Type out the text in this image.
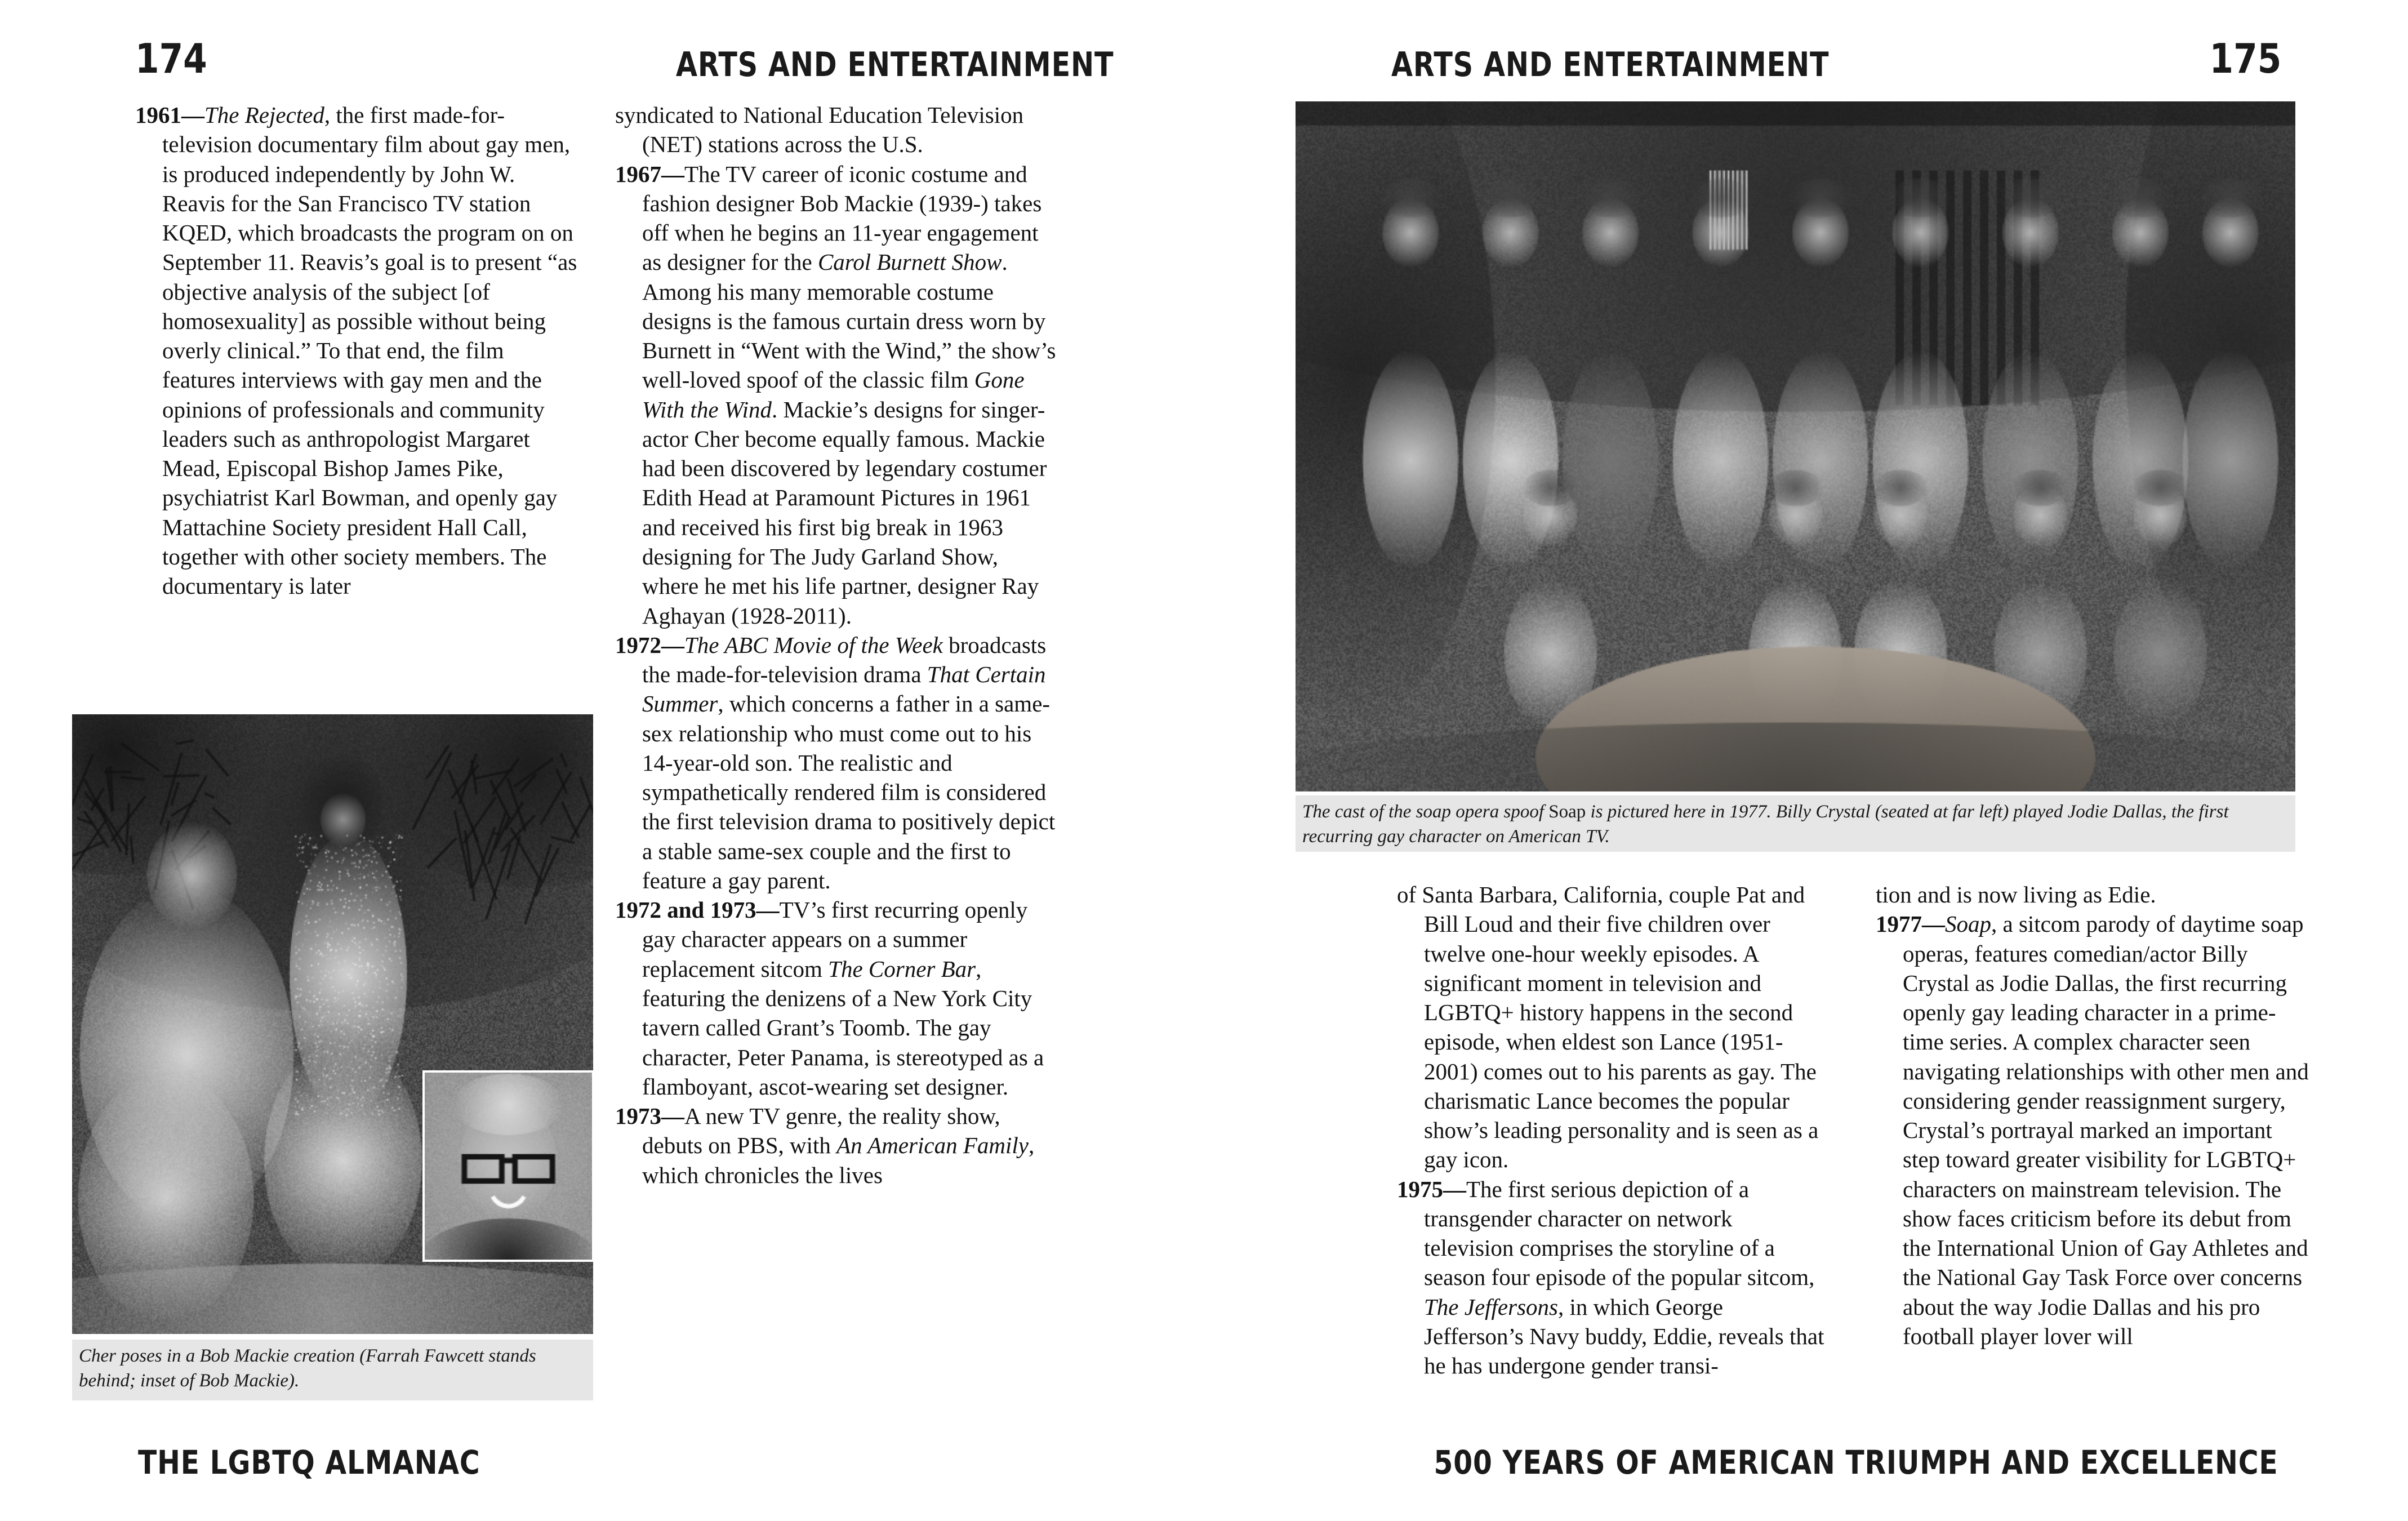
174	ARTS AND ENTERTAINMENT

1961—The Rejected, the first made-for-television documentary film about gay men, is produced independently by John W. Reavis for the San Francisco TV station KQED, which broadcasts the program on on September 11. Reavis’s goal is to present “as objective analysis of the subject [of homosexuality] as possible without being overly clinical.” To that end, the film features interviews with gay men and the opinions of professionals and community leaders such as anthropologist Margaret Mead, Episcopal Bishop James Pike, psychiatrist Karl Bowman, and openly gay Mattachine Society president Hall Call, together with other society members. The documentary is later

syndicated to National Education Television (NET) stations across the U.S.

1967—The TV career of iconic costume and fashion designer Bob Mackie (1939-) takes off when he begins an 11-year engagement as designer for the Carol Burnett Show. Among his many memorable costume designs is the famous curtain dress worn by Burnett in “Went with the Wind,” the show’s well-loved spoof of the classic film Gone With the Wind. Mackie’s designs for singer-actor Cher become equally famous. Mackie had been discovered by legendary costumer Edith Head at Paramount Pictures in 1961 and received his first big break in 1963 designing for The Judy Garland Show, where he met his life partner, designer Ray Aghayan (1928-2011).

1972—The ABC Movie of the Week broadcasts the made-for-television drama That Certain Summer, which concerns a father in a same-sex relationship who must come out to his 14-year-old son. The realistic and sympathetically rendered film is considered the first television drama to positively depict a stable same-sex couple and the first to feature a gay parent.

1972 and 1973—TV’s first recurring openly gay character appears on a summer replacement sitcom The Corner Bar, featuring the denizens of a New York City tavern called Grant’s Toomb. The gay character, Peter Panama, is stereotyped as a flamboyant, ascot-wearing set designer.

1973—A new TV genre, the reality show, debuts on PBS, with An American Family, which chronicles the lives

Cher poses in a Bob Mackie creation (Farrah Fawcett stands behind; inset of Bob Mackie).
THE LGBTQ ALMANAC
175
ARTS AND ENTERTAINMENT
The cast of the soap opera spoof Soap is pictured here in 1977. Billy Crystal (seated at far left) played Jodie Dallas, the first recurring gay character on American TV.

of Santa Barbara, California, couple Pat and Bill Loud and their five children over twelve one-hour weekly episodes. A significant moment in television and LGBTQ+ history happens in the second episode, when eldest son Lance (1951-2001) comes out to his parents as gay. The charismatic Lance becomes the popular show’s leading personality and is seen as a gay icon.

1975—The first serious depiction of a transgender character on network television comprises the storyline of a season four episode of the popular sitcom, The Jeffersons, in which George Jefferson’s Navy buddy, Eddie, reveals that he has undergone gender transi-

tion and is now living as Edie.

1977—Soap, a sitcom parody of daytime soap operas, features comedian/actor Billy Crystal as Jodie Dallas, the first recurring openly gay leading character in a prime-time series. A complex character seen navigating relationships with other men and considering gender reassignment surgery, Crystal’s portrayal marked an important step toward greater visibility for LGBTQ+ characters on mainstream television. The show faces criticism before its debut from the International Union of Gay Athletes and the National Gay Task Force over concerns about the way Jodie Dallas and his pro football player lover will

500 YEARS OF AMERICAN TRIUMPH AND EXCELLENCE
